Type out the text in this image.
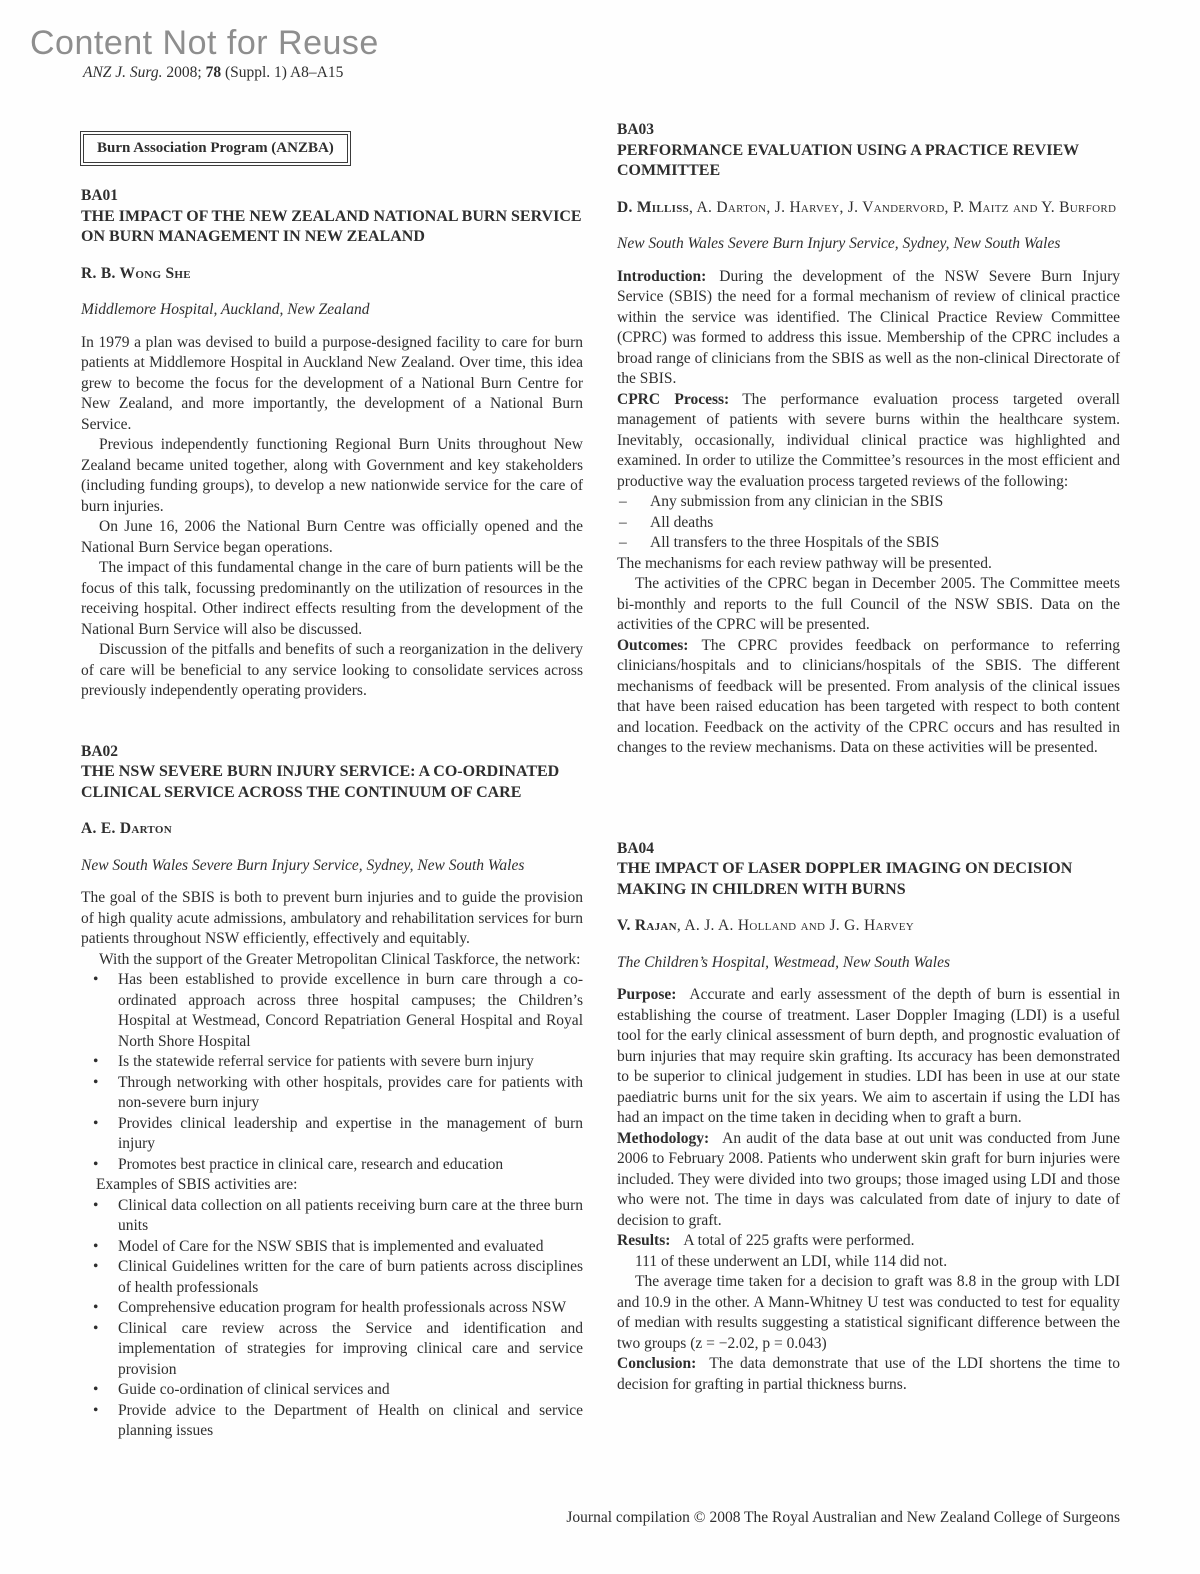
Content Not for Reuse
ANZ J. Surg. 2008; 78 (Suppl. 1) A8–A15
Burn Association Program (ANZBA)
BA01
THE IMPACT OF THE NEW ZEALAND NATIONAL BURN SERVICE ON BURN MANAGEMENT IN NEW ZEALAND
R. B. Wong She
Middlemore Hospital, Auckland, New Zealand

In 1979 a plan was devised to build a purpose-designed facility to care for burn patients at Middlemore Hospital in Auckland New Zealand. Over time, this idea grew to become the focus for the development of a National Burn Centre for New Zealand, and more importantly, the development of a National Burn Service.

Previous independently functioning Regional Burn Units throughout New Zealand became united together, along with Government and key stakeholders (including funding groups), to develop a new nationwide service for the care of burn injuries.

On June 16, 2006 the National Burn Centre was officially opened and the National Burn Service began operations.

The impact of this fundamental change in the care of burn patients will be the focus of this talk, focussing predominantly on the utilization of resources in the receiving hospital. Other indirect effects resulting from the development of the National Burn Service will also be discussed.

Discussion of the pitfalls and benefits of such a reorganization in the delivery of care will be beneficial to any service looking to consolidate services across previously independently operating providers.

BA02
THE NSW SEVERE BURN INJURY SERVICE: A CO-ORDINATED CLINICAL SERVICE ACROSS THE CONTINUUM OF CARE
A. E. Darton
New South Wales Severe Burn Injury Service, Sydney, New South Wales

The goal of the SBIS is both to prevent burn injuries and to guide the provision of high quality acute admissions, ambulatory and rehabilitation services for burn patients throughout NSW efficiently, effectively and equitably.

With the support of the Greater Metropolitan Clinical Taskforce, the network:

• Has been established to provide excellence in burn care through a co-ordinated approach across three hospital campuses; the Children’s Hospital at Westmead, Concord Repatriation General Hospital and Royal North Shore Hospital
• Is the statewide referral service for patients with severe burn injury
• Through networking with other hospitals, provides care for patients with non-severe burn injury
• Provides clinical leadership and expertise in the management of burn injury
• Promotes best practice in clinical care, research and education
Examples of SBIS activities are:
• Clinical data collection on all patients receiving burn care at the three burn units
• Model of Care for the NSW SBIS that is implemented and evaluated
• Clinical Guidelines written for the care of burn patients across disciplines of health professionals
• Comprehensive education program for health professionals across NSW
• Clinical care review across the Service and identification and implementation of strategies for improving clinical care and service provision
• Guide co-ordination of clinical services and
• Provide advice to the Department of Health on clinical and service planning issues
BA03
PERFORMANCE EVALUATION USING A PRACTICE REVIEW COMMITTEE
D. Milliss, A. Darton, J. Harvey, J. Vandervord, P. Maitz and Y. Burford
New South Wales Severe Burn Injury Service, Sydney, New South Wales

Introduction: During the development of the NSW Severe Burn Injury Service (SBIS) the need for a formal mechanism of review of clinical practice within the service was identified. The Clinical Practice Review Committee (CPRC) was formed to address this issue. Membership of the CPRC includes a broad range of clinicians from the SBIS as well as the non-clinical Directorate of the SBIS.

CPRC Process: The performance evaluation process targeted overall management of patients with severe burns within the healthcare system. Inevitably, occasionally, individual clinical practice was highlighted and examined. In order to utilize the Committee’s resources in the most efficient and productive way the evaluation process targeted reviews of the following:

– Any submission from any clinician in the SBIS
– All deaths
– All transfers to the three Hospitals of the SBIS

The mechanisms for each review pathway will be presented.

The activities of the CPRC began in December 2005. The Committee meets bi-monthly and reports to the full Council of the NSW SBIS. Data on the activities of the CPRC will be presented.

Outcomes: The CPRC provides feedback on performance to referring clinicians/hospitals and to clinicians/hospitals of the SBIS. The different mechanisms of feedback will be presented. From analysis of the clinical issues that have been raised education has been targeted with respect to both content and location. Feedback on the activity of the CPRC occurs and has resulted in changes to the review mechanisms. Data on these activities will be presented.

BA04
THE IMPACT OF LASER DOPPLER IMAGING ON DECISION MAKING IN CHILDREN WITH BURNS
V. Rajan, A. J. A. Holland and J. G. Harvey
The Children’s Hospital, Westmead, New South Wales

Purpose: Accurate and early assessment of the depth of burn is essential in establishing the course of treatment. Laser Doppler Imaging (LDI) is a useful tool for the early clinical assessment of burn depth, and prognostic evaluation of burn injuries that may require skin grafting. Its accuracy has been demonstrated to be superior to clinical judgement in studies. LDI has been in use at our state paediatric burns unit for the six years. We aim to ascertain if using the LDI has had an impact on the time taken in deciding when to graft a burn.

Methodology: An audit of the data base at out unit was conducted from June 2006 to February 2008. Patients who underwent skin graft for burn injuries were included. They were divided into two groups; those imaged using LDI and those who were not. The time in days was calculated from date of injury to date of decision to graft.

Results: A total of 225 grafts were performed.

111 of these underwent an LDI, while 114 did not.

The average time taken for a decision to graft was 8.8 in the group with LDI and 10.9 in the other. A Mann-Whitney U test was conducted to test for equality of median with results suggesting a statistical significant difference between the two groups (z = −2.02, p = 0.043)

Conclusion: The data demonstrate that use of the LDI shortens the time to decision for grafting in partial thickness burns.

Journal compilation © 2008 The Royal Australian and New Zealand College of Surgeons
